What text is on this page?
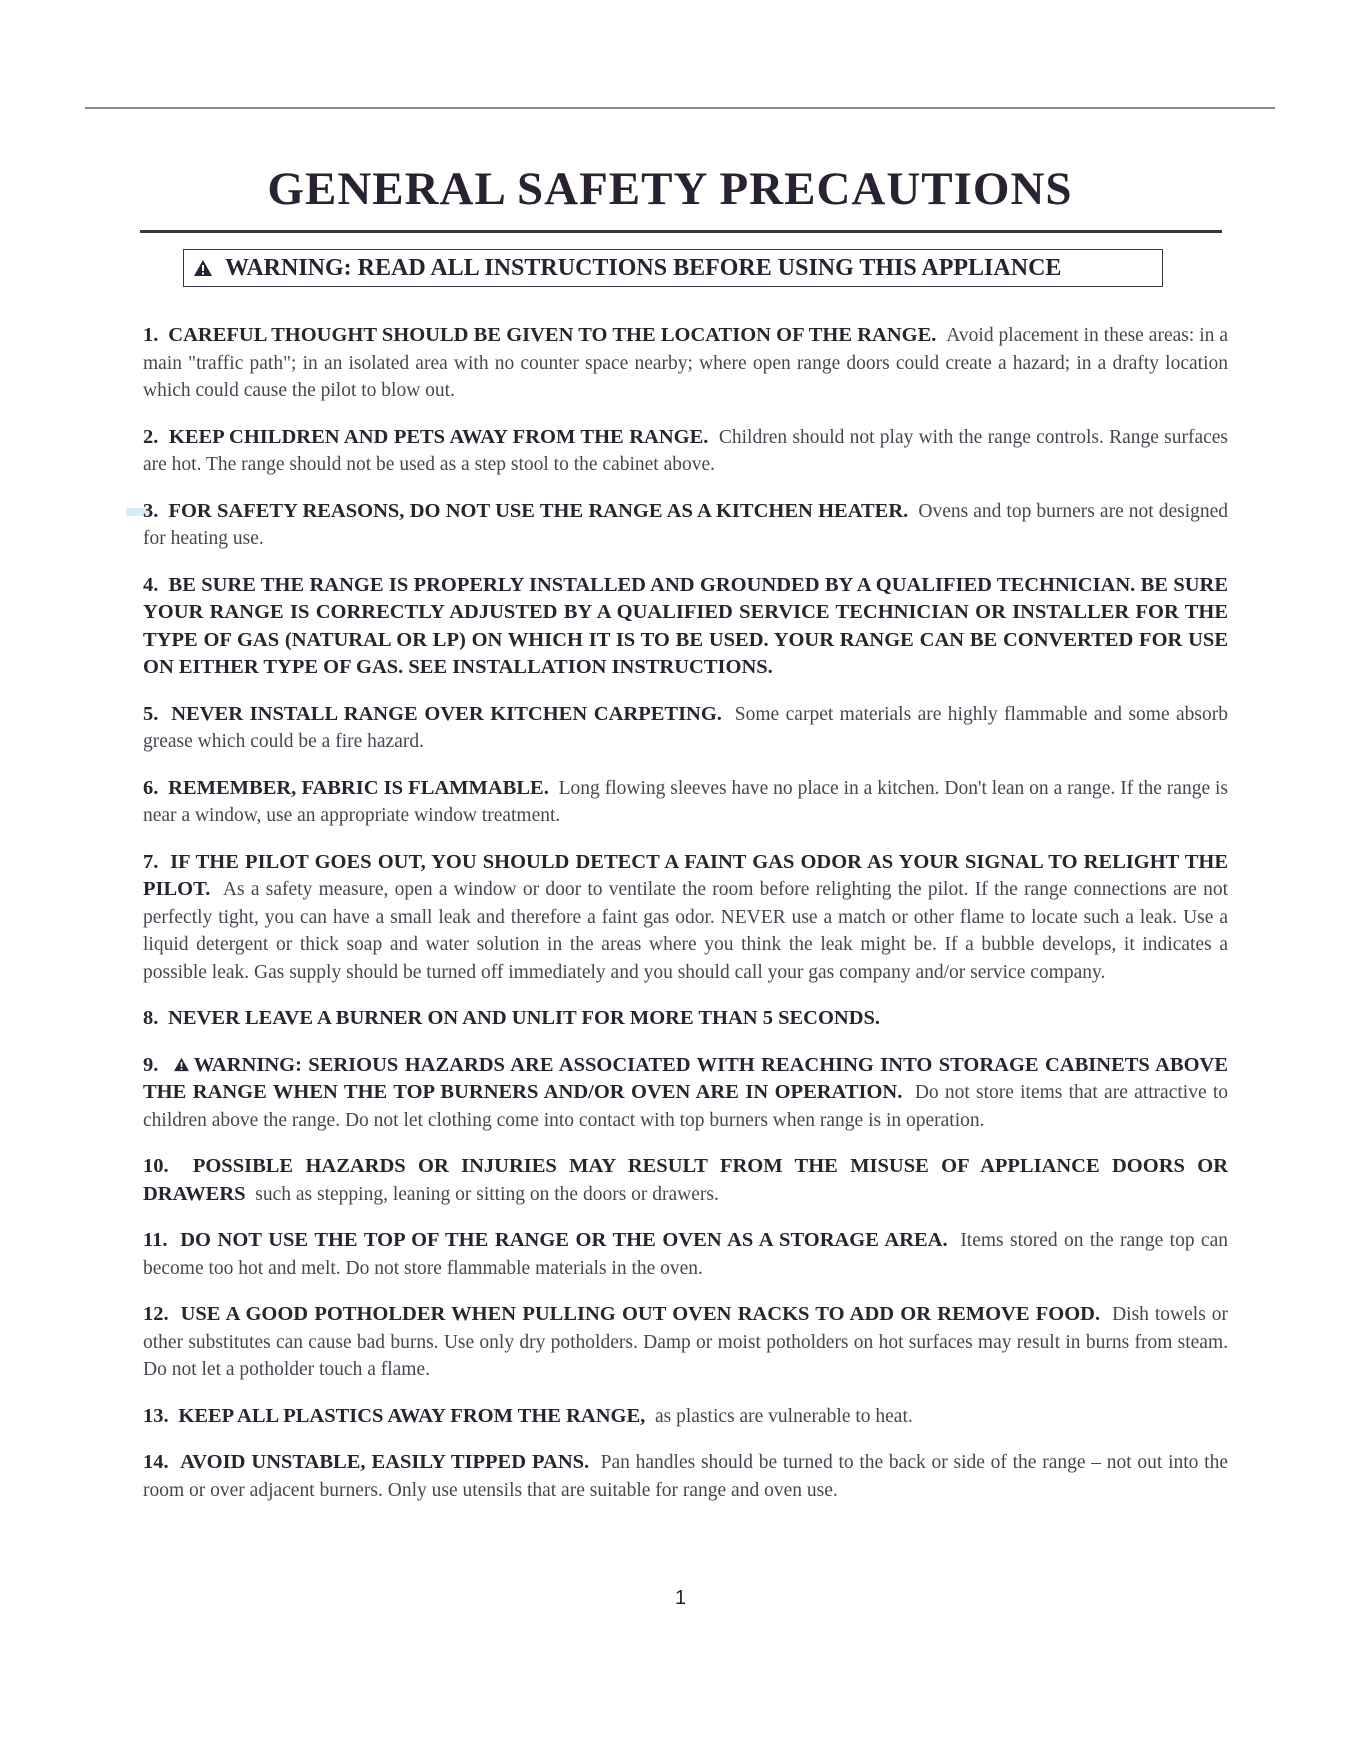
GENERAL SAFETY PRECAUTIONS
WARNING: READ ALL INSTRUCTIONS BEFORE USING THIS APPLIANCE

1. CAREFUL THOUGHT SHOULD BE GIVEN TO THE LOCATION OF THE RANGE. Avoid placement in these areas: in a main "traffic path"; in an isolated area with no counter space nearby; where open range doors could create a hazard; in a drafty location which could cause the pilot to blow out.

2. KEEP CHILDREN AND PETS AWAY FROM THE RANGE. Children should not play with the range controls. Range surfaces are hot. The range should not be used as a step stool to the cabinet above.

3. FOR SAFETY REASONS, DO NOT USE THE RANGE AS A KITCHEN HEATER. Ovens and top burners are not designed for heating use.

4. BE SURE THE RANGE IS PROPERLY INSTALLED AND GROUNDED BY A QUALIFIED TECHNICIAN. BE SURE YOUR RANGE IS CORRECTLY ADJUSTED BY A QUALIFIED SERVICE TECHNICIAN OR INSTALLER FOR THE TYPE OF GAS (NATURAL OR LP) ON WHICH IT IS TO BE USED. YOUR RANGE CAN BE CONVERTED FOR USE ON EITHER TYPE OF GAS. SEE INSTALLATION INSTRUCTIONS.

5. NEVER INSTALL RANGE OVER KITCHEN CARPETING. Some carpet materials are highly flammable and some absorb grease which could be a fire hazard.

6. REMEMBER, FABRIC IS FLAMMABLE. Long flowing sleeves have no place in a kitchen. Don't lean on a range. If the range is near a window, use an appropriate window treatment.

7. IF THE PILOT GOES OUT, YOU SHOULD DETECT A FAINT GAS ODOR AS YOUR SIGNAL TO RELIGHT THE PILOT. As a safety measure, open a window or door to ventilate the room before relighting the pilot. If the range connections are not perfectly tight, you can have a small leak and therefore a faint gas odor. NEVER use a match or other flame to locate such a leak. Use a liquid detergent or thick soap and water solution in the areas where you think the leak might be. If a bubble develops, it indicates a possible leak. Gas supply should be turned off immediately and you should call your gas company and/or service company.

8. NEVER LEAVE A BURNER ON AND UNLIT FOR MORE THAN 5 SECONDS.

9. WARNING: SERIOUS HAZARDS ARE ASSOCIATED WITH REACHING INTO STORAGE CABINETS ABOVE THE RANGE WHEN THE TOP BURNERS AND/OR OVEN ARE IN OPERATION. Do not store items that are attractive to children above the range. Do not let clothing come into contact with top burners when range is in operation.

10. POSSIBLE HAZARDS OR INJURIES MAY RESULT FROM THE MISUSE OF APPLIANCE DOORS OR DRAWERS such as stepping, leaning or sitting on the doors or drawers.

11. DO NOT USE THE TOP OF THE RANGE OR THE OVEN AS A STORAGE AREA. Items stored on the range top can become too hot and melt. Do not store flammable materials in the oven.

12. USE A GOOD POTHOLDER WHEN PULLING OUT OVEN RACKS TO ADD OR REMOVE FOOD. Dish towels or other substitutes can cause bad burns. Use only dry potholders. Damp or moist potholders on hot surfaces may result in burns from steam. Do not let a potholder touch a flame.

13. KEEP ALL PLASTICS AWAY FROM THE RANGE, as plastics are vulnerable to heat.

14. AVOID UNSTABLE, EASILY TIPPED PANS. Pan handles should be turned to the back or side of the range – not out into the room or over adjacent burners. Only use utensils that are suitable for range and oven use.

1
